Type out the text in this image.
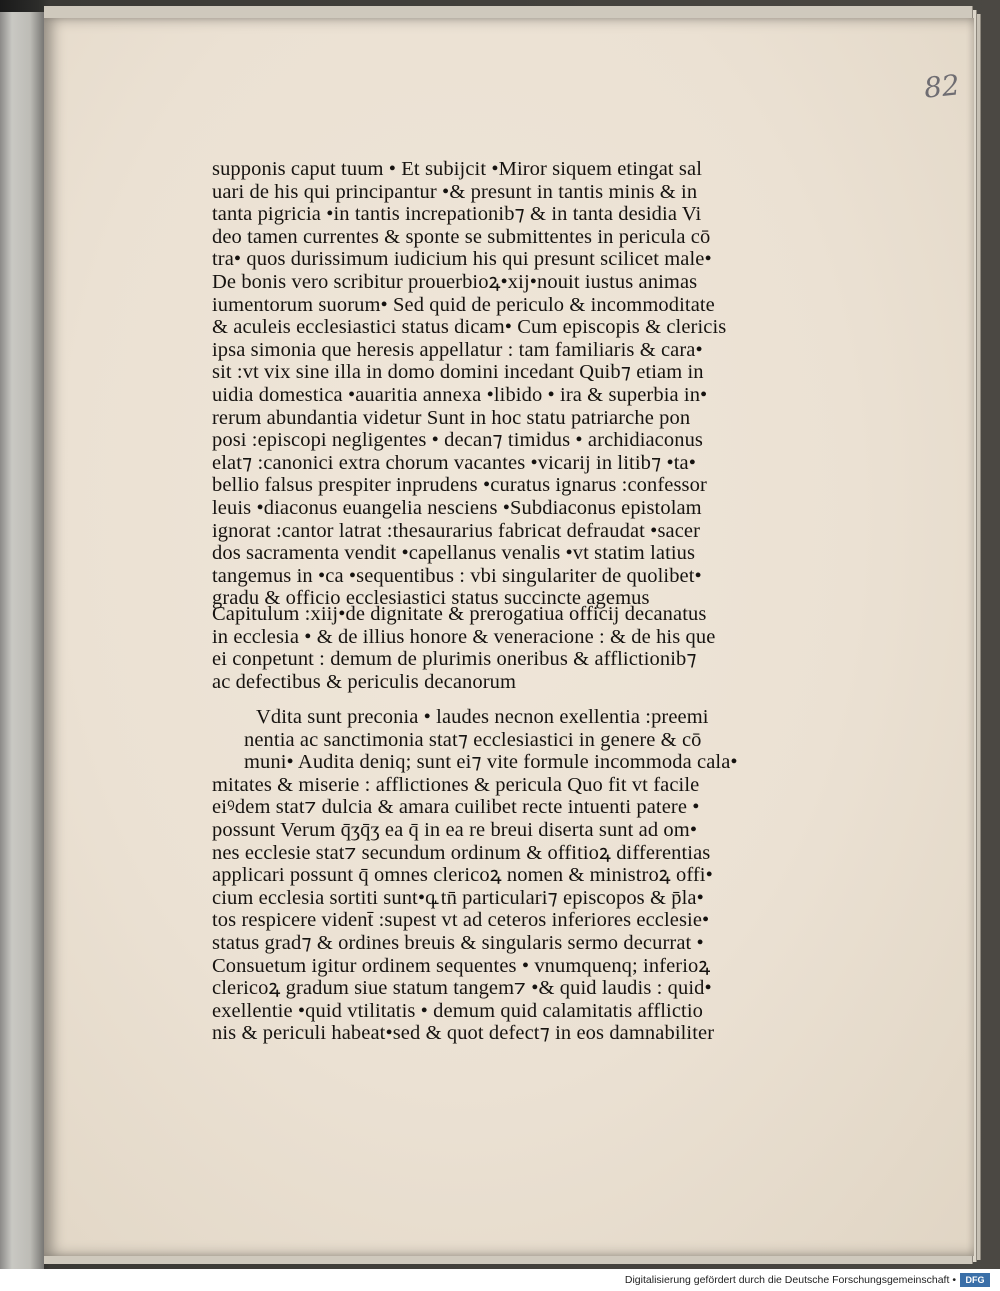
82
supponis caput tuum • Et subijcit •Miror siquem etingat sal
uari de his qui principantur •& presunt in tantis minis & in
tanta pigricia •in tantis increpationib⁊ & in tanta desidia Vi
deo tamen currentes & sponte se submittentes in pericula cō
tra• quos durissimum iudicium his qui presunt scilicet male•
De bonis vero scribitur prouerbioꝝ•xij•nouit iustus animas
iumentorum suorum• Sed quid de periculo & incommoditate
& aculeis ecclesiastici status dicam• Cum episcopis & clericis
ipsa simonia que heresis appellatur : tam familiaris & cara•
sit :vt vix sine illa in domo domini incedant Quib⁊ etiam in
uidia domestica •auaritia annexa •libido • ira & superbia in•
rerum abundantia videtur Sunt in hoc statu patriarche pon
posi :episcopi negligentes • decan⁊ timidus • archidiaconus
elat⁊ :canonici extra chorum vacantes •vicarij in litib⁊ •ta•
bellio falsus prespiter inprudens •curatus ignarus :confessor
leuis •diaconus euangelia nesciens •Subdiaconus epistolam
ignorat :cantor latrat :thesaurarius fabricat defraudat •sacer
dos sacramenta vendit •capellanus venalis •vt statim latius
tangemus in •ca •sequentibus : vbi singulariter de quolibet•
gradu & officio ecclesiastici status succincte agemus
Capitulum :xiij•de dignitate & prerogatiua officij decanatus
in ecclesia • & de illius honore & veneracione : & de his que
ei conpetunt : demum de plurimis oneribus & afflictionib⁊
ac defectibus & periculis decanorum
Vdita sunt preconia • laudes necnon exellentia :preemi
nentia ac sanctimonia stat⁊ ecclesiastici in genere & cō
muni• Audita deniq; sunt ei⁊ vite formule incommoda cala•
mitates & miserie : afflictiones & pericula Quo fit vt facile
eiꝰdem stat⁊ dulcia & amara cuilibet recte intuenti patere •
possunt Verum q̄ʒq̄ʒ ea q̄ in ea re breui diserta sunt ad om•
nes ecclesie stat⁊ secundum ordinum & offitioꝝ differentias
applicari possunt q̄ omnes clericoꝝ nomen & ministroꝝ offi•
cium ecclesia sortiti sunt•q꜡ tn̄ particulari⁊ episcopos & p̄la•
tos respicere vident̄ :supest vt ad ceteros inferiores ecclesie•
status grad⁊ & ordines breuis & singularis sermo decurrat •
Consuetum igitur ordinem sequentes • vnumquenq; inferioꝝ
clericoꝝ gradum siue statum tangem⁊ •& quid laudis : quid•
exellentie •quid vtilitatis • demum quid calamitatis afflictio
nis & periculi habeat•sed & quot defect⁊ in eos damnabiliter
Digitalisierung gefördert durch die Deutsche Forschungsgemeinschaft •	DFG
